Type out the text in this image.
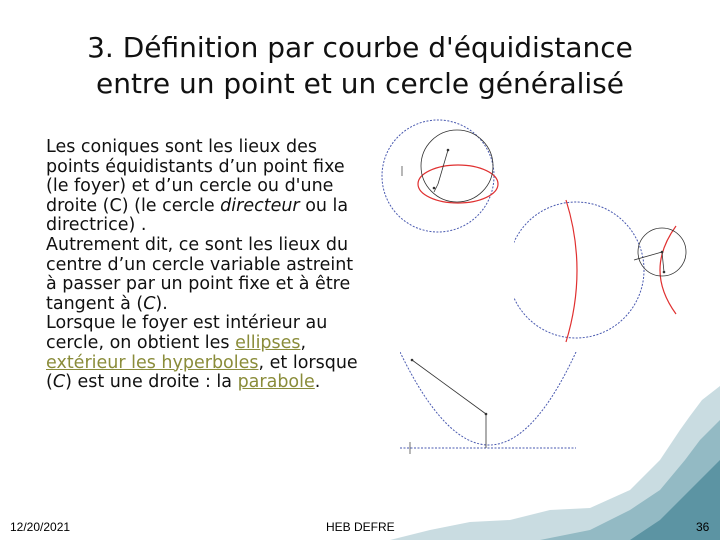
3. Définition par courbe d'équidistance
entre un point et un cercle généralisé

Les coniques sont les lieux des points équidistants d’un point fixe (le foyer) et d’un cercle ou d'une droite (C) (le cercle directeur ou la directrice) .

Autrement dit, ce sont les lieux du centre d’un cercle variable astreint à passer par un point fixe et à être tangent à (C).

Lorsque le foyer est intérieur au cercle, on obtient les ellipses, extérieur les hyperboles, et lorsque (C) est une droite : la parabole.

12/20/2021	HEB DEFRE	36
